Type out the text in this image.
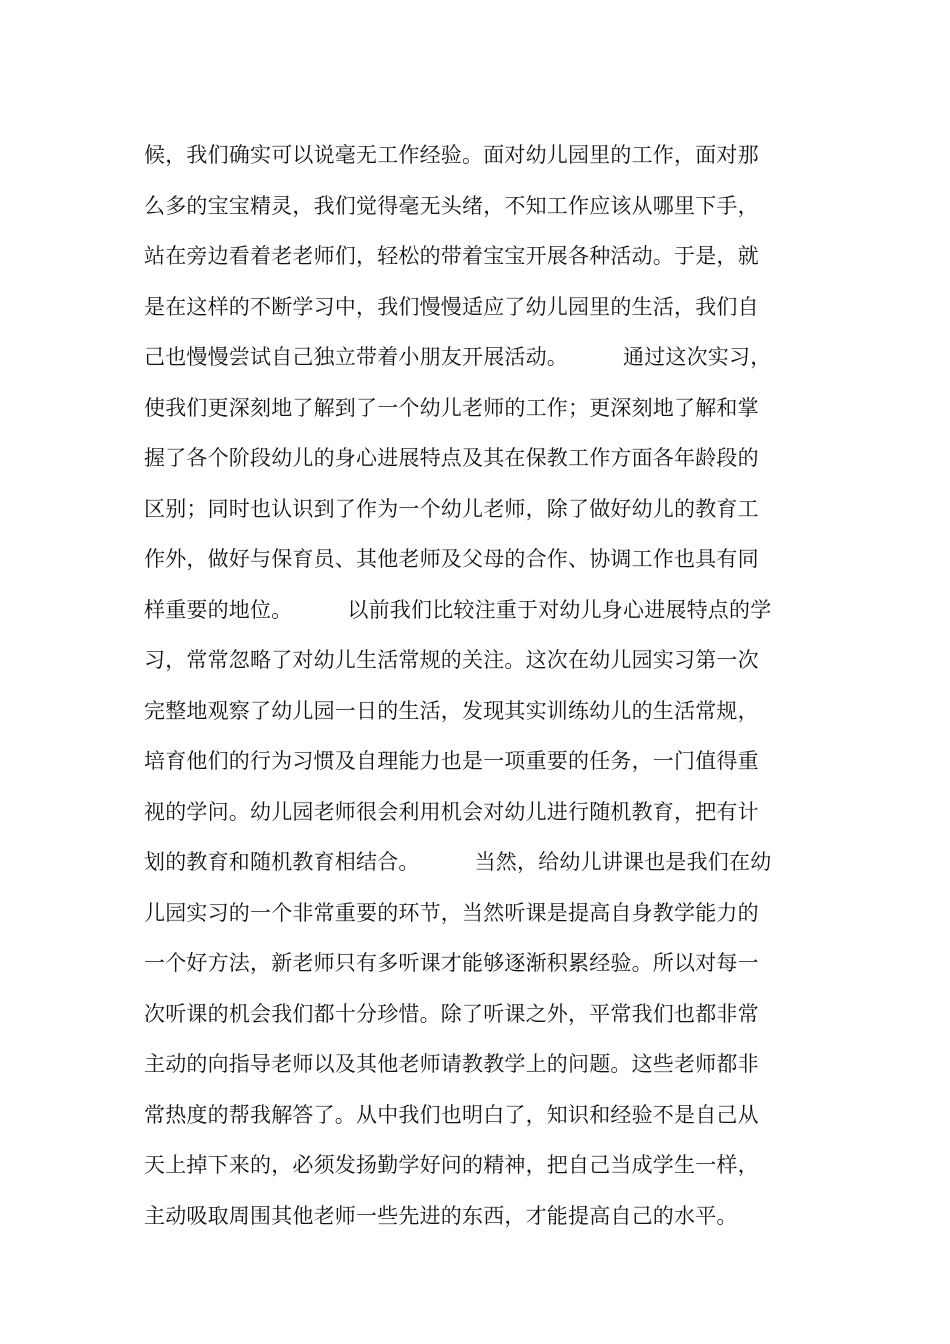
候，我们确实可以说毫无工作经验。面对幼儿园里的工作，面对那
么多的宝宝精灵，我们觉得毫无头绪，不知工作应该从哪里下手，
站在旁边看着老老师们，轻松的带着宝宝开展各种活动。于是，就
是在这样的不断学习中，我们慢慢适应了幼儿园里的生活，我们自
己也慢慢尝试自己独立带着小朋友开展活动。        通过这次实习，
使我们更深刻地了解到了一个幼儿老师的工作；更深刻地了解和掌
握了各个阶段幼儿的身心进展特点及其在保教工作方面各年龄段的
区别；同时也认识到了作为一个幼儿老师，除了做好幼儿的教育工
作外，做好与保育员、其他老师及父母的合作、协调工作也具有同
样重要的地位。        以前我们比较注重于对幼儿身心进展特点的学
习，常常忽略了对幼儿生活常规的关注。这次在幼儿园实习第一次
完整地观察了幼儿园一日的生活，发现其实训练幼儿的生活常规，
培育他们的行为习惯及自理能力也是一项重要的任务，一门值得重
视的学问。幼儿园老师很会利用机会对幼儿进行随机教育，把有计
划的教育和随机教育相结合。        当然，给幼儿讲课也是我们在幼
儿园实习的一个非常重要的环节，当然听课是提高自身教学能力的
一个好方法，新老师只有多听课才能够逐渐积累经验。所以对每一
次听课的机会我们都十分珍惜。除了听课之外，平常我们也都非常
主动的向指导老师以及其他老师请教教学上的问题。这些老师都非
常热度的帮我解答了。从中我们也明白了，知识和经验不是自己从
天上掉下来的，必须发扬勤学好问的精神，把自己当成学生一样，
主动吸取周围其他老师一些先进的东西，才能提高自己的水平。
